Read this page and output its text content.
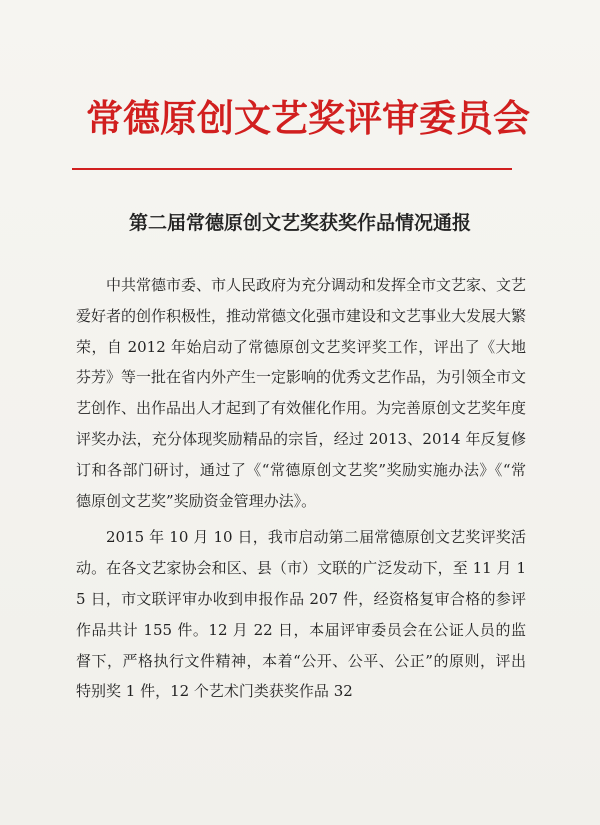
常德原创文艺奖评审委员会
第二届常德原创文艺奖获奖作品情况通报

中共常德市委、市人民政府为充分调动和发挥全市文艺家、文艺爱好者的创作积极性，推动常德文化强市建设和文艺事业大发展大繁荣，自 2012 年始启动了常德原创文艺奖评奖工作，评出了《大地芬芳》等一批在省内外产生一定影响的优秀文艺作品，为引领全市文艺创作、出作品出人才起到了有效催化作用。为完善原创文艺奖年度评奖办法，充分体现奖励精品的宗旨，经过 2013、2014 年反复修订和各部门研讨，通过了《“常德原创文艺奖”奖励实施办法》《“常德原创文艺奖”奖励资金管理办法》。

2015 年 10 月 10 日，我市启动第二届常德原创文艺奖评奖活动。在各文艺家协会和区、县（市）文联的广泛发动下，至 11 月 15 日，市文联评审办收到申报作品 207 件，经资格复审合格的参评作品共计 155 件。12 月 22 日，本届评审委员会在公证人员的监督下，严格执行文件精神，本着“公开、公平、公正”的原则，评出特别奖 1 件，12 个艺术门类获奖作品 32
